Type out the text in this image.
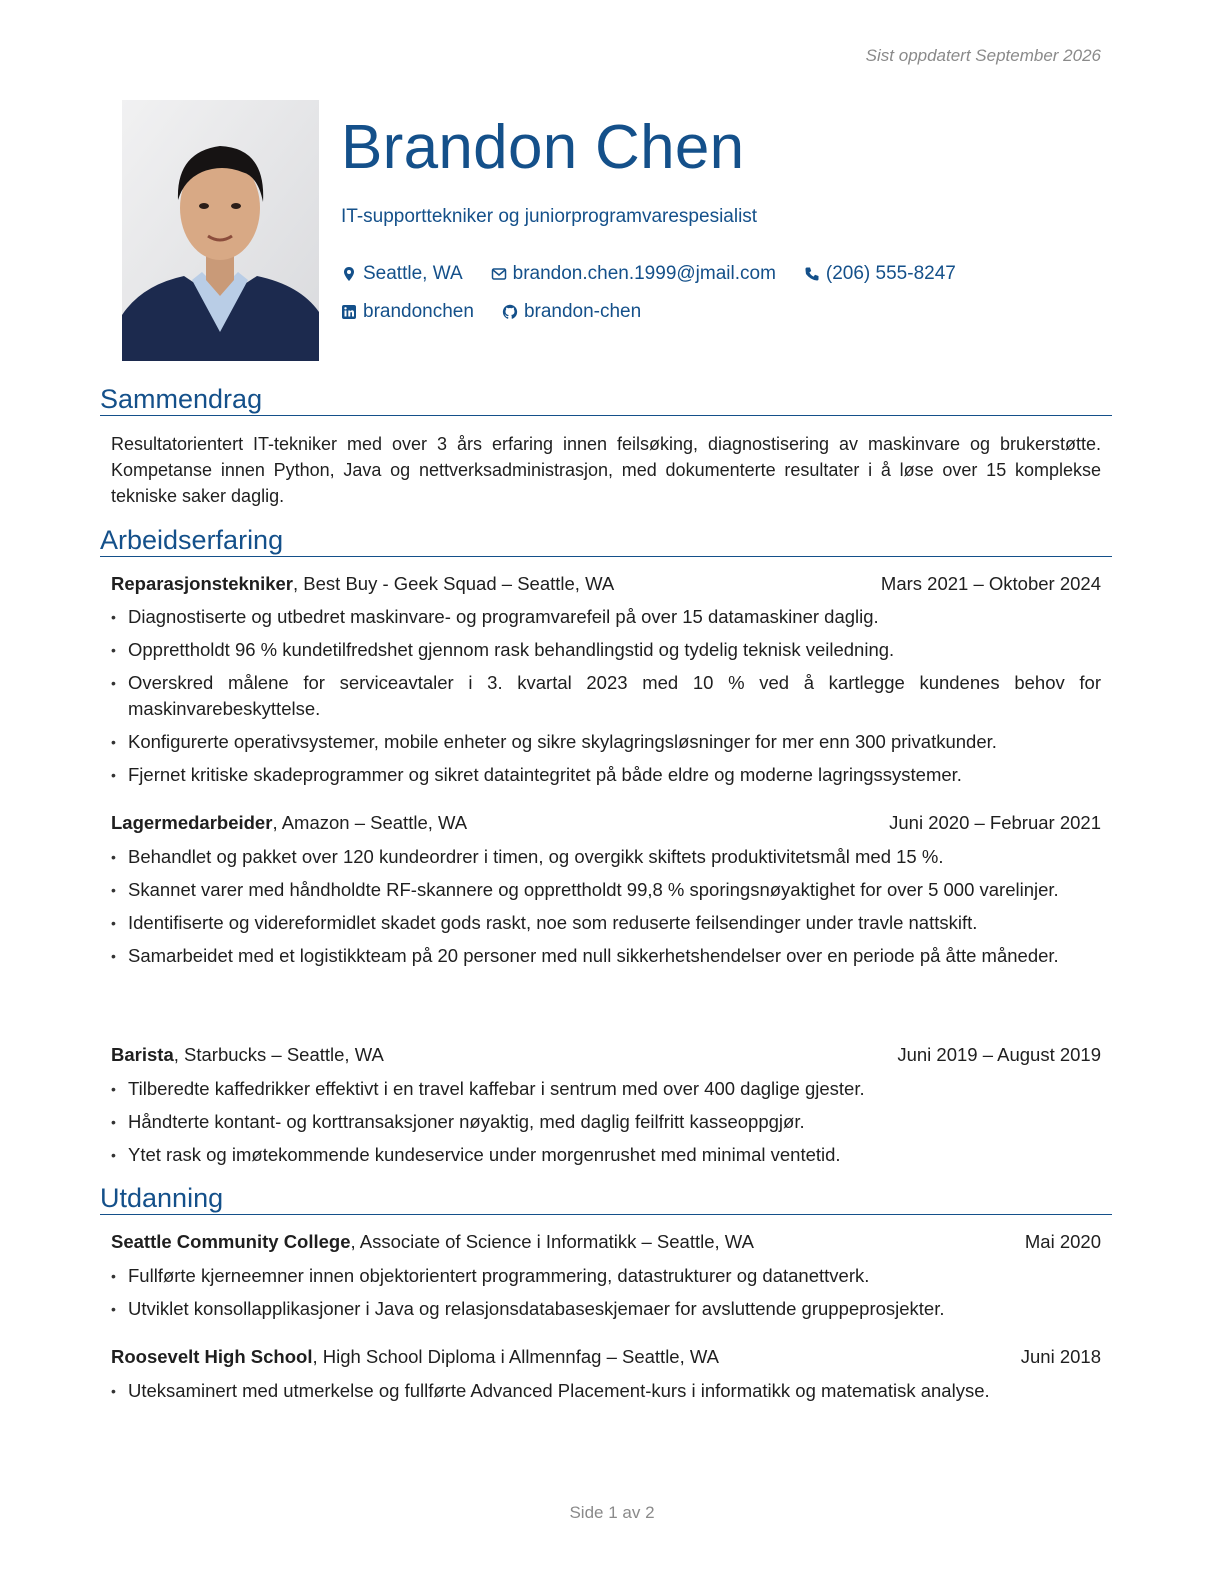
Sist oppdatert September 2026
Brandon Chen
IT-supporttekniker og juniorprogramvarespesialist
Seattle, WA	brandon.chen.1999@jmail.com	(206) 555-8247
brandonchen	brandon-chen
Sammendrag
Resultatorientert IT-tekniker med over 3 års erfaring innen feilsøking, diagnostisering av maskinvare og brukerstøtte. Kompetanse innen Python, Java og nettverksadministrasjon, med dokumenterte resultater i å løse over 15 komplekse tekniske saker daglig.
Arbeidserfaring
Reparasjonstekniker, Best Buy - Geek Squad – Seattle, WA	Mars 2021 – Oktober 2024
• Diagnostiserte og utbedret maskinvare- og programvarefeil på over 15 datamaskiner daglig.
• Opprettholdt 96 % kundetilfredshet gjennom rask behandlingstid og tydelig teknisk veiledning.
• Overskred målene for serviceavtaler i 3. kvartal 2023 med 10 % ved å kartlegge kundenes behov for maskinvarebeskyttelse.
• Konfigurerte operativsystemer, mobile enheter og sikre skylagringsløsninger for mer enn 300 privatkunder.
• Fjernet kritiske skadeprogrammer og sikret dataintegritet på både eldre og moderne lagringssystemer.
Lagermedarbeider, Amazon – Seattle, WA	Juni 2020 – Februar 2021
• Behandlet og pakket over 120 kundeordrer i timen, og overgikk skiftets produktivitetsmål med 15 %.
• Skannet varer med håndholdte RF-skannere og opprettholdt 99,8 % sporingsnøyaktighet for over 5 000 varelinjer.
• Identifiserte og videreformidlet skadet gods raskt, noe som reduserte feilsendinger under travle nattskift.
• Samarbeidet med et logistikkteam på 20 personer med null sikkerhetshendelser over en periode på åtte måneder.
Barista, Starbucks – Seattle, WA	Juni 2019 – August 2019
• Tilberedte kaffedrikker effektivt i en travel kaffebar i sentrum med over 400 daglige gjester.
• Håndterte kontant- og korttransaksjoner nøyaktig, med daglig feilfritt kasseoppgjør.
• Ytet rask og imøtekommende kundeservice under morgenrushet med minimal ventetid.
Utdanning
Seattle Community College, Associate of Science i Informatikk – Seattle, WA	Mai 2020
• Fullførte kjerneemner innen objektorientert programmering, datastrukturer og datanettverk.
• Utviklet konsollapplikasjoner i Java og relasjonsdatabaseskjemaer for avsluttende gruppeprosjekter.
Roosevelt High School, High School Diploma i Allmennfag – Seattle, WA	Juni 2018
• Uteksaminert med utmerkelse og fullførte Advanced Placement-kurs i informatikk og matematisk analyse.
Side 1 av 2
